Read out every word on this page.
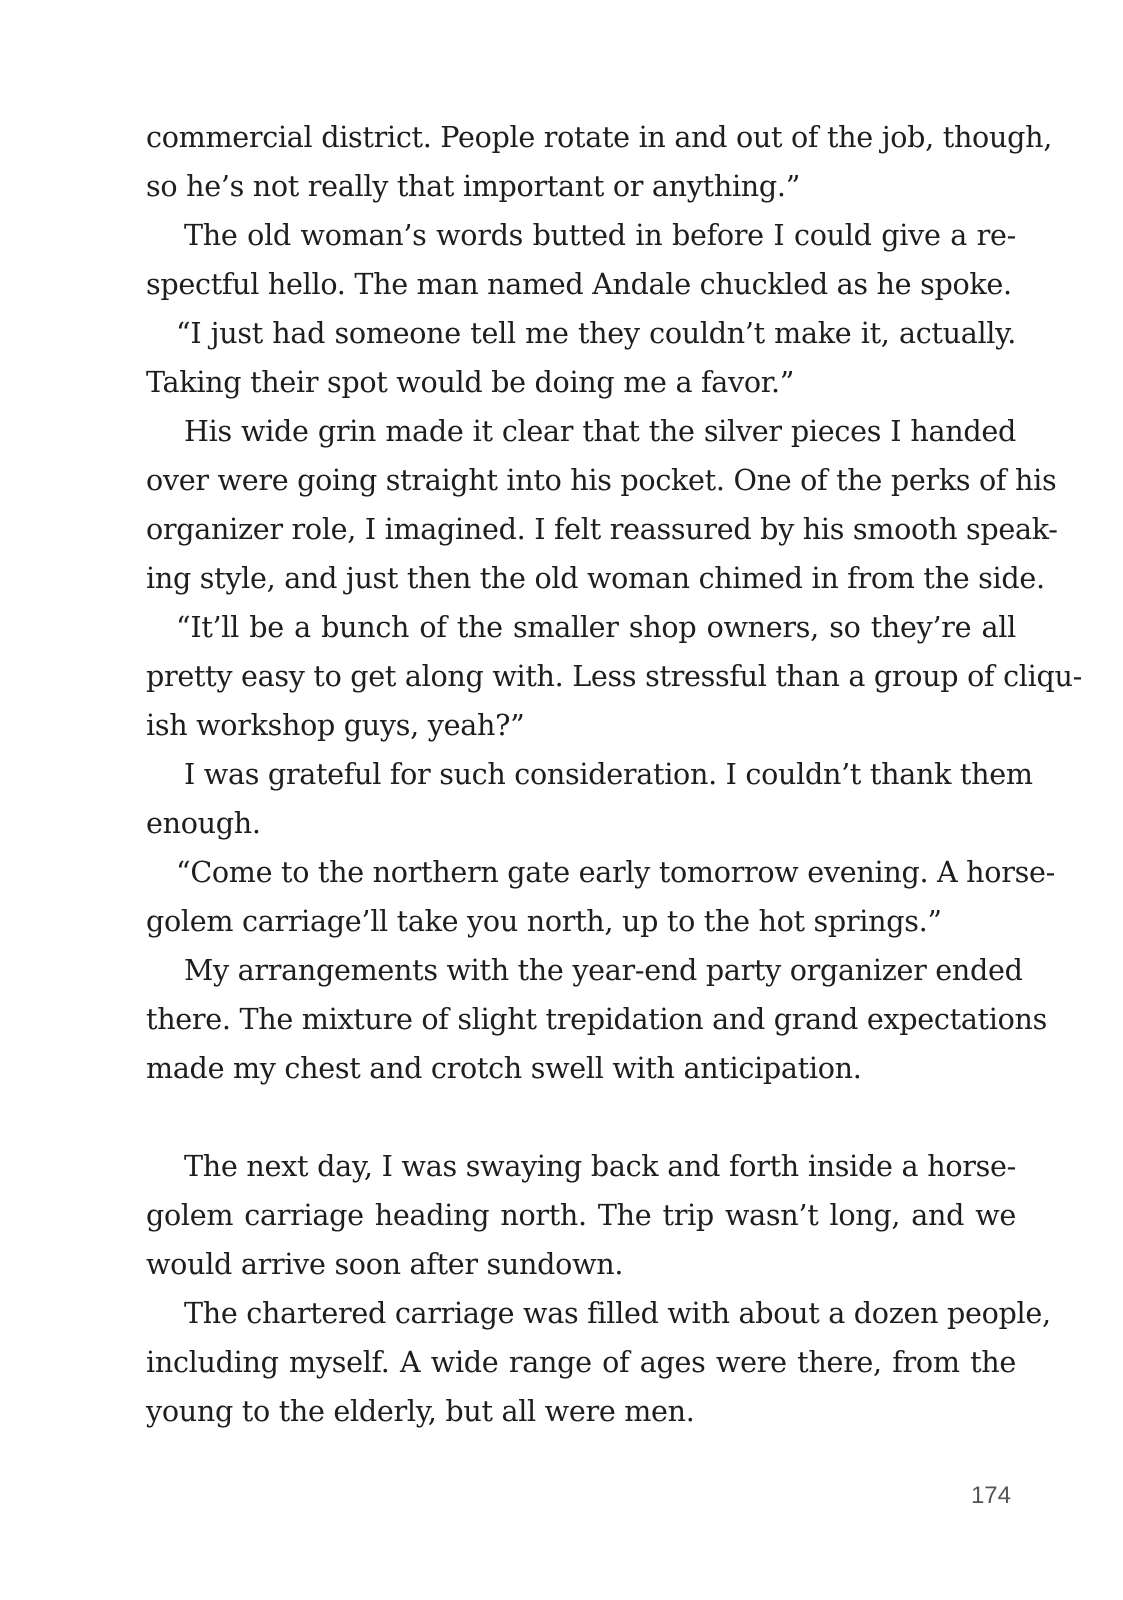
commercial district. People rotate in and out of the job, though,
so he’s not really that important or anything.”
The old woman’s words butted in before I could give a re-
spectful hello. The man named Andale chuckled as he spoke.
“I just had someone tell me they couldn’t make it, actually.
Taking their spot would be doing me a favor.”
His wide grin made it clear that the silver pieces I handed
over were going straight into his pocket. One of the perks of his
organizer role, I imagined. I felt reassured by his smooth speak-
ing style, and just then the old woman chimed in from the side.
“It’ll be a bunch of the smaller shop owners, so they’re all
pretty easy to get along with. Less stressful than a group of cliqu-
ish workshop guys, yeah?”
I was grateful for such consideration. I couldn’t thank them
enough.
“Come to the northern gate early tomorrow evening. A horse-
golem carriage’ll take you north, up to the hot springs.”
My arrangements with the year-end party organizer ended
there. The mixture of slight trepidation and grand expectations
made my chest and crotch swell with anticipation.
The next day, I was swaying back and forth inside a horse-
golem carriage heading north. The trip wasn’t long, and we
would arrive soon after sundown.
The chartered carriage was filled with about a dozen people,
including myself. A wide range of ages were there, from the
young to the elderly, but all were men.
174
